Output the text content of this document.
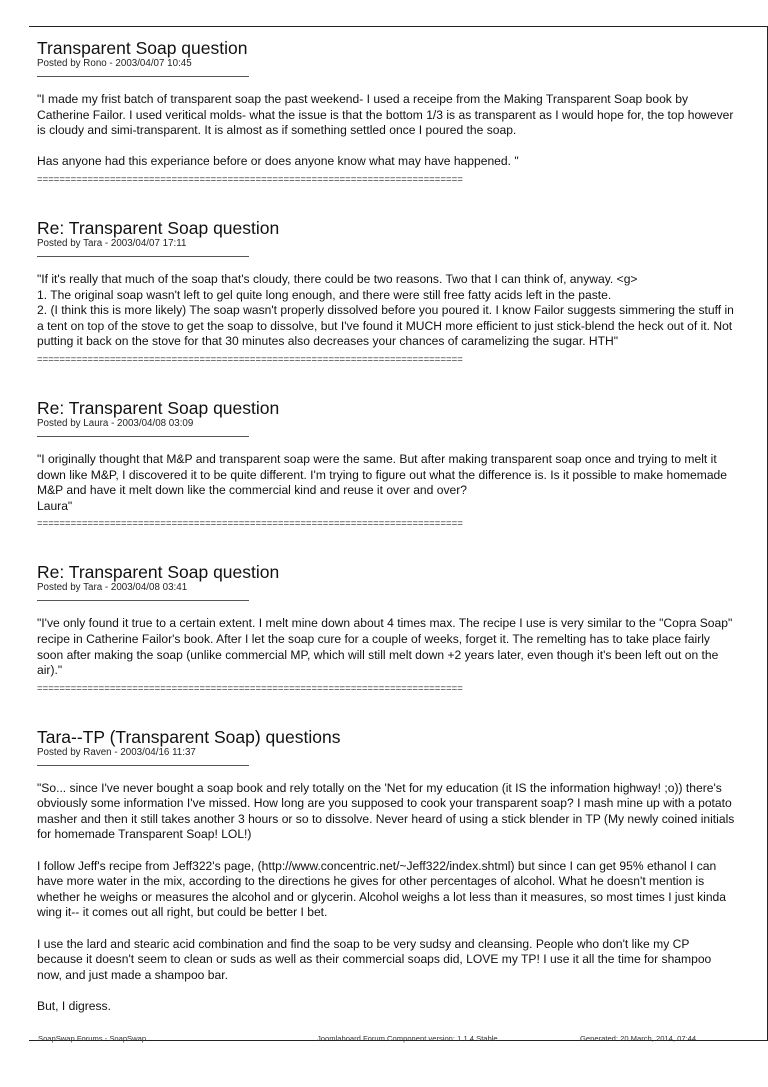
Transparent Soap question
Posted by Rono - 2003/04/07 10:45

"I made my frist batch of transparent soap the past weekend- I used a receipe from the Making Transparent Soap book by Catherine Failor. I used veritical molds- what the issue is that the bottom 1/3 is as transparent as I would hope for, the top however is cloudy and simi-transparent. It is almost as if something settled once I poured the soap.

Has anyone had this experiance before or does anyone know what may have happened. "

============================================================================
Re: Transparent Soap question
Posted by Tara - 2003/04/07 17:11

"If it's really that much of the soap that's cloudy, there could be two reasons. Two that I can think of, anyway. <g>
1. The original soap wasn't left to gel quite long enough, and there were still free fatty acids left in the paste.
2. (I think this is more likely) The soap wasn't properly dissolved before you poured it. I know Failor suggests simmering the stuff in a tent on top of the stove to get the soap to dissolve, but I've found it MUCH more efficient to just stick-blend the heck out of it. Not putting it back on the stove for that 30 minutes also decreases your chances of caramelizing the sugar. HTH"

============================================================================
Re: Transparent Soap question
Posted by Laura - 2003/04/08 03:09

"I originally thought that M&P and transparent soap were the same. But after making transparent soap once and trying to melt it down like M&P, I discovered it to be quite different. I'm trying to figure out what the difference is. Is it possible to make homemade M&P and have it melt down like the commercial kind and reuse it over and over?
Laura"

============================================================================
Re: Transparent Soap question
Posted by Tara - 2003/04/08 03:41

"I've only found it true to a certain extent. I melt mine down about 4 times max. The recipe I use is very similar to the "Copra Soap" recipe in Catherine Failor's book. After I let the soap cure for a couple of weeks, forget it. The remelting has to take place fairly soon after making the soap (unlike commercial MP, which will still melt down +2 years later, even though it's been left out on the air)."

============================================================================
Tara--TP (Transparent Soap) questions
Posted by Raven - 2003/04/16 11:37

"So... since I've never bought a soap book and rely totally on the 'Net for my education (it IS the information highway! ;o)) there's obviously some information I've missed. How long are you supposed to cook your transparent soap? I mash mine up with a potato masher and then it still takes another 3 hours or so to dissolve. Never heard of using a stick blender in TP (My newly coined initials for homemade Transparent Soap! LOL!)

I follow Jeff's recipe from Jeff322's page, (http://www.concentric.net/~Jeff322/index.shtml) but since I can get 95% ethanol I can have more water in the mix, according to the directions he gives for other percentages of alcohol. What he doesn't mention is whether he weighs or measures the alcohol and or glycerin. Alcohol weighs a lot less than it measures, so most times I just kinda wing it-- it comes out all right, but could be better I bet.

I use the lard and stearic acid combination and find the soap to be very sudsy and cleansing. People who don't like my CP because it doesn't seem to clean or suds as well as their commercial soaps did, LOVE my TP! I use it all the time for shampoo now, and just made a shampoo bar.

But, I digress.

SoapSwap Forums - SoapSwap	Joomlaboard Forum Component version: 1.1.4 Stable	Generated: 20 March, 2014, 07:44
